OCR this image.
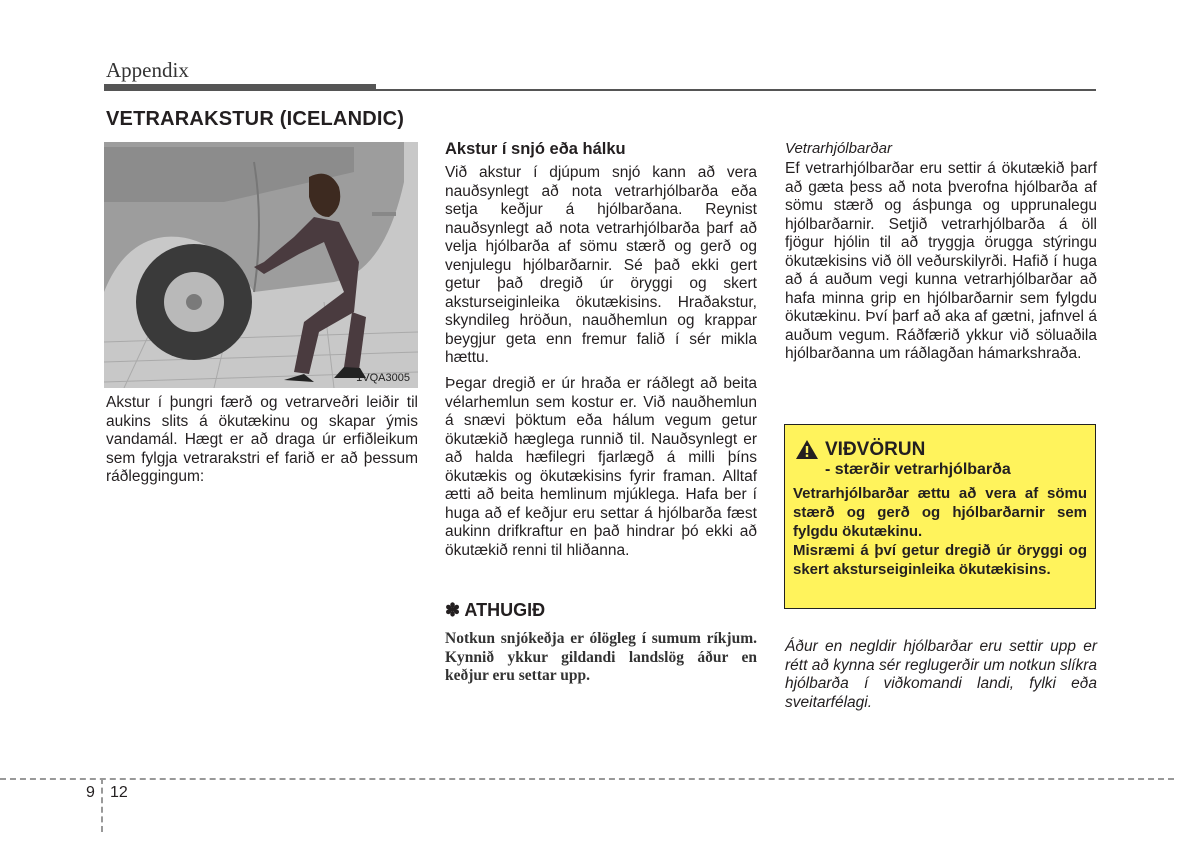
Appendix
VETRARAKSTUR (ICELANDIC)
1VQA3005
Akstur í þungri færð og vetrarveðri leiðir til aukins slits á ökutækinu og skapar ýmis vandamál. Hægt er að draga úr erfiðleikum sem fylgja vetrarakstri ef farið er að þessum ráðleggingum:
Akstur í snjó eða hálku
Við akstur í djúpum snjó kann að vera nauðsynlegt að nota vetrarhjólbarða eða setja keðjur á hjólbarðana. Reynist nauðsynlegt að nota vetrarhjólbarða þarf að velja hjólbarða af sömu stærð og gerð og venjulegu hjólbarðarnir. Sé það ekki gert getur það dregið úr öryggi og skert aksturseiginleika ökutækisins. Hraðakstur, skyndileg hröðun, nauðhemlun og krappar beygjur geta enn fremur falið í sér mikla hættu.
Þegar dregið er úr hraða er ráðlegt að beita vélarhemlun sem kostur er. Við nauðhemlun á snævi þöktum eða hálum vegum getur ökutækið hæglega runnið til. Nauðsynlegt er að halda hæfilegri fjarlægð á milli þíns ökutækis og ökutækisins fyrir framan. Alltaf ætti að beita hemlinum mjúklega. Hafa ber í huga að ef keðjur eru settar á hjólbarða fæst aukinn drifkraftur en það hindrar þó ekki að ökutækið renni til hliðanna.
✽ ATHUGIÐ
Notkun snjókeðja er ólögleg í sumum ríkjum. Kynnið ykkur gildandi landslög áður en keðjur eru settar upp.
Vetrarhjólbarðar
Ef vetrarhjólbarðar eru settir á ökutækið þarf að gæta þess að nota þverofna hjólbarða af sömu stærð og ásþunga og upprunalegu hjólbarðarnir. Setjið vetrarhjólbarða á öll fjögur hjólin til að tryggja örugga stýringu ökutækisins við öll veðurskilyrði. Hafið í huga að á auðum vegi kunna vetrarhjólbarðar að hafa minna grip en hjólbarðarnir sem fylgdu ökutækinu. Því þarf að aka af gætni, jafnvel á auðum vegum. Ráðfærið ykkur við söluaðila hjólbarðanna um ráðlagðan hámarkshraða.
VIÐVÖRUN
- stærðir vetrarhjólbarða
Vetrarhjólbarðar ættu að vera af sömu stærð og gerð og hjólbarðarnir sem fylgdu ökutækinu.
Misræmi á því getur dregið úr öryggi og skert aksturseiginleika ökutækisins.
Áður en negldir hjólbarðar eru settir upp er rétt að kynna sér reglugerðir um notkun slíkra hjólbarða í viðkomandi landi, fylki eða sveitarfélagi.
9 12
